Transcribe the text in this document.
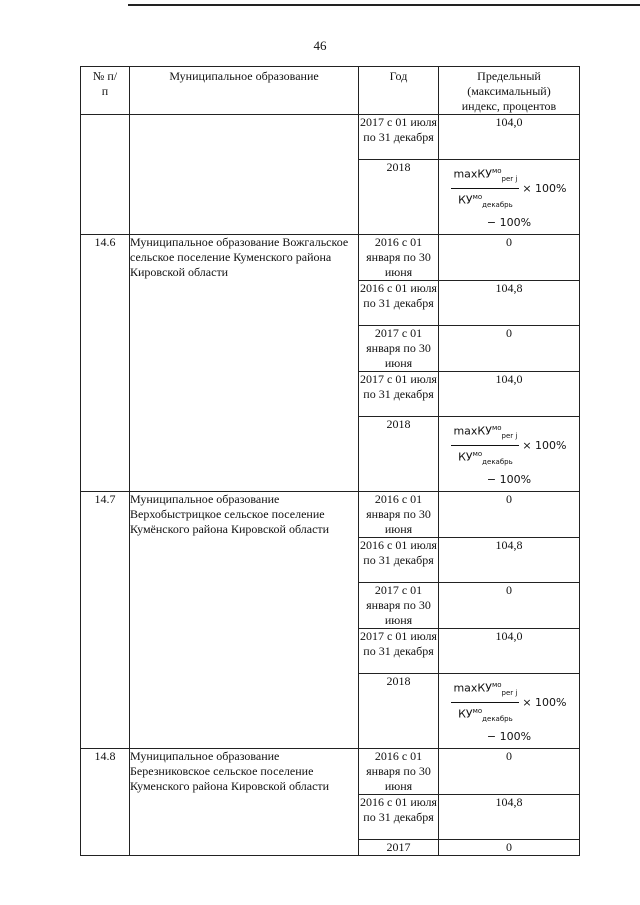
46
№ п/п	Муниципальное образование	Год	Предельный (максимальный) индекс, процентов
		2017 с 01 июля по 31 декабря	104,0
		2018	$\frac{\max КУ^{мо}_{per j}}{КУ^{мо}_{декабрь}} \times 100\%$
− 100%

14.6	Муниципальное образование Вожгальское сельское поселение Куменского района Кировской области	2016 с 01 января по 30 июня	0
		2016 с 01 июля по 31 декабря	104,8
		2017 с 01 января по 30 июня	0
		2017 с 01 июля по 31 декабря	104,0
		2018	$\frac{\max КУ^{мо}_{per j}}{КУ^{мо}_{декабрь}} \times 100\%$
− 100%

14.7	Муниципальное образование Верхобыстрицкое сельское поселение Кумёнского района Кировской области	2016 с 01 января по 30 июня	0
		2016 с 01 июля по 31 декабря	104,8
		2017 с 01 января по 30 июня	0
		2017 с 01 июля по 31 декабря	104,0
		2018	$\frac{\max КУ^{мо}_{per j}}{КУ^{мо}_{декабрь}} \times 100\%$
− 100%

14.8	Муниципальное образование Березниковское сельское поселение Куменского района Кировской области	2016 с 01 января по 30 июня	0
		2016 с 01 июля по 31 декабря	104,8
		2017	0
